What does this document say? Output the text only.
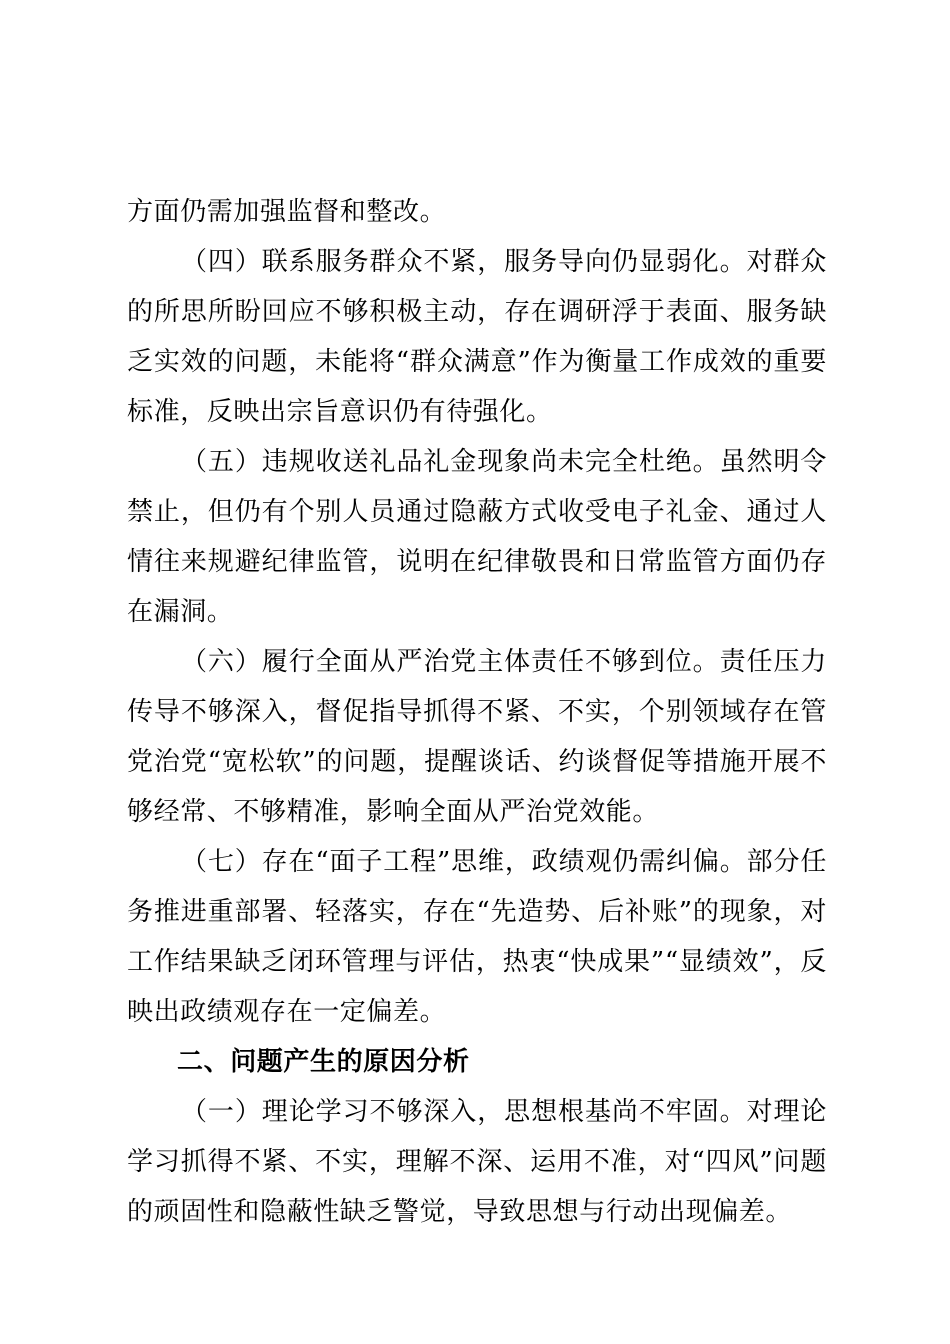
方面仍需加强监督和整改。

（四）联系服务群众不紧，服务导向仍显弱化。对群众的所思所盼回应不够积极主动，存在调研浮于表面、服务缺乏实效的问题，未能将“群众满意”作为衡量工作成效的重要标准，反映出宗旨意识仍有待强化。

（五）违规收送礼品礼金现象尚未完全杜绝。虽然明令禁止，但仍有个别人员通过隐蔽方式收受电子礼金、通过人情往来规避纪律监管，说明在纪律敬畏和日常监管方面仍存在漏洞。

（六）履行全面从严治党主体责任不够到位。责任压力传导不够深入，督促指导抓得不紧、不实，个别领域存在管党治党“宽松软”的问题，提醒谈话、约谈督促等措施开展不够经常、不够精准，影响全面从严治党效能。

（七）存在“面子工程”思维，政绩观仍需纠偏。部分任务推进重部署、轻落实，存在“先造势、后补账”的现象，对工作结果缺乏闭环管理与评估，热衷“快成果”“显绩效”，反映出政绩观存在一定偏差。

二、问题产生的原因分析

（一）理论学习不够深入，思想根基尚不牢固。对理论学习抓得不紧、不实，理解不深、运用不准，对“四风”问题的顽固性和隐蔽性缺乏警觉，导致思想与行动出现偏差。
